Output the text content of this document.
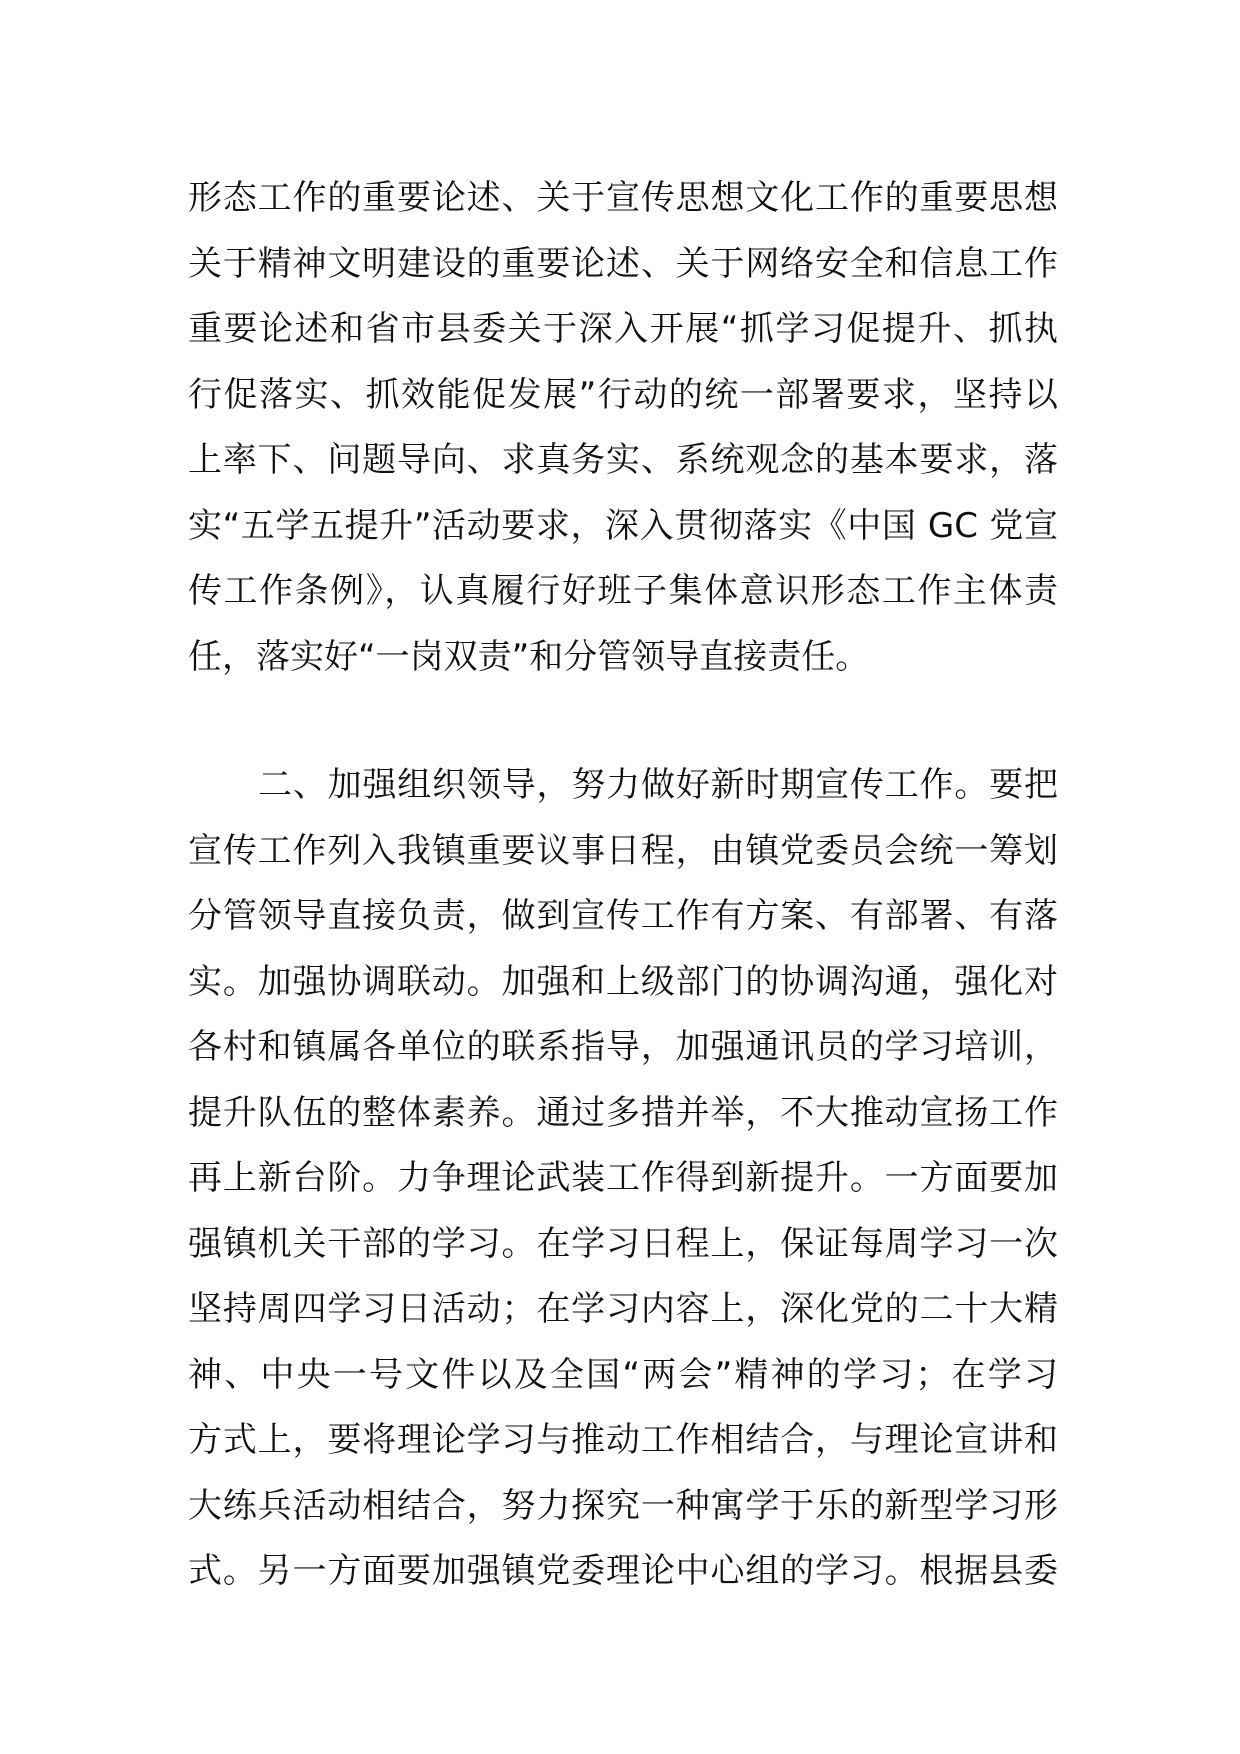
形态工作的重要论述、关于宣传思想文化工作的重要思想
关于精神文明建设的重要论述、关于网络安全和信息工作
重要论述和省市县委关于深入开展“抓学习促提升、抓执
行促落实、抓效能促发展”行动的统一部署要求，坚持以
上率下、问题导向、求真务实、系统观念的基本要求，落
实“五学五提升”活动要求，深入贯彻落实《中国 GC 党宣
传工作条例》，认真履行好班子集体意识形态工作主体责
任，落实好“一岗双责”和分管领导直接责任。
二、加强组织领导，努力做好新时期宣传工作。要把
宣传工作列入我镇重要议事日程，由镇党委员会统一筹划
分管领导直接负责，做到宣传工作有方案、有部署、有落
实。加强协调联动。加强和上级部门的协调沟通，强化对
各村和镇属各单位的联系指导，加强通讯员的学习培训，
提升队伍的整体素养。通过多措并举，不大推动宣扬工作
再上新台阶。力争理论武装工作得到新提升。一方面要加
强镇机关干部的学习。在学习日程上，保证每周学习一次
坚持周四学习日活动；在学习内容上，深化党的二十大精
神、中央一号文件以及全国“两会”精神的学习；在学习
方式上，要将理论学习与推动工作相结合，与理论宣讲和
大练兵活动相结合，努力探究一种寓学于乐的新型学习形
式。另一方面要加强镇党委理论中心组的学习。根据县委
